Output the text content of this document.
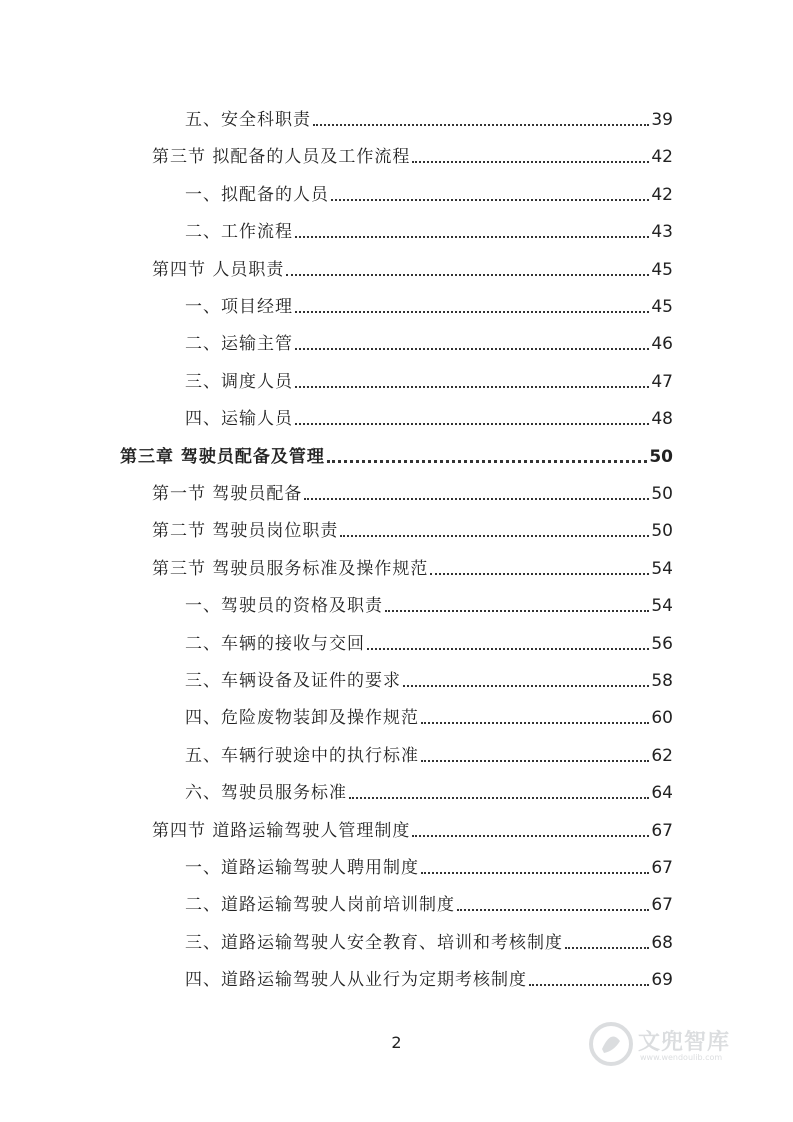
五、安全科职责	39
第三节 拟配备的人员及工作流程	42
一、拟配备的人员	42
二、工作流程	43
第四节 人员职责	45
一、项目经理	45
二、运输主管	46
三、调度人员	47
四、运输人员	48
第三章 驾驶员配备及管理	50
第一节 驾驶员配备	50
第二节 驾驶员岗位职责	50
第三节 驾驶员服务标准及操作规范	54
一、驾驶员的资格及职责	54
二、车辆的接收与交回	56
三、车辆设备及证件的要求	58
四、危险废物装卸及操作规范	60
五、车辆行驶途中的执行标准	62
六、驾驶员服务标准	64
第四节 道路运输驾驶人管理制度	67
一、道路运输驾驶人聘用制度	67
二、道路运输驾驶人岗前培训制度	67
三、道路运输驾驶人安全教育、培训和考核制度	68
四、道路运输驾驶人从业行为定期考核制度	69
2	文兜智库
www.wendoulib.com
